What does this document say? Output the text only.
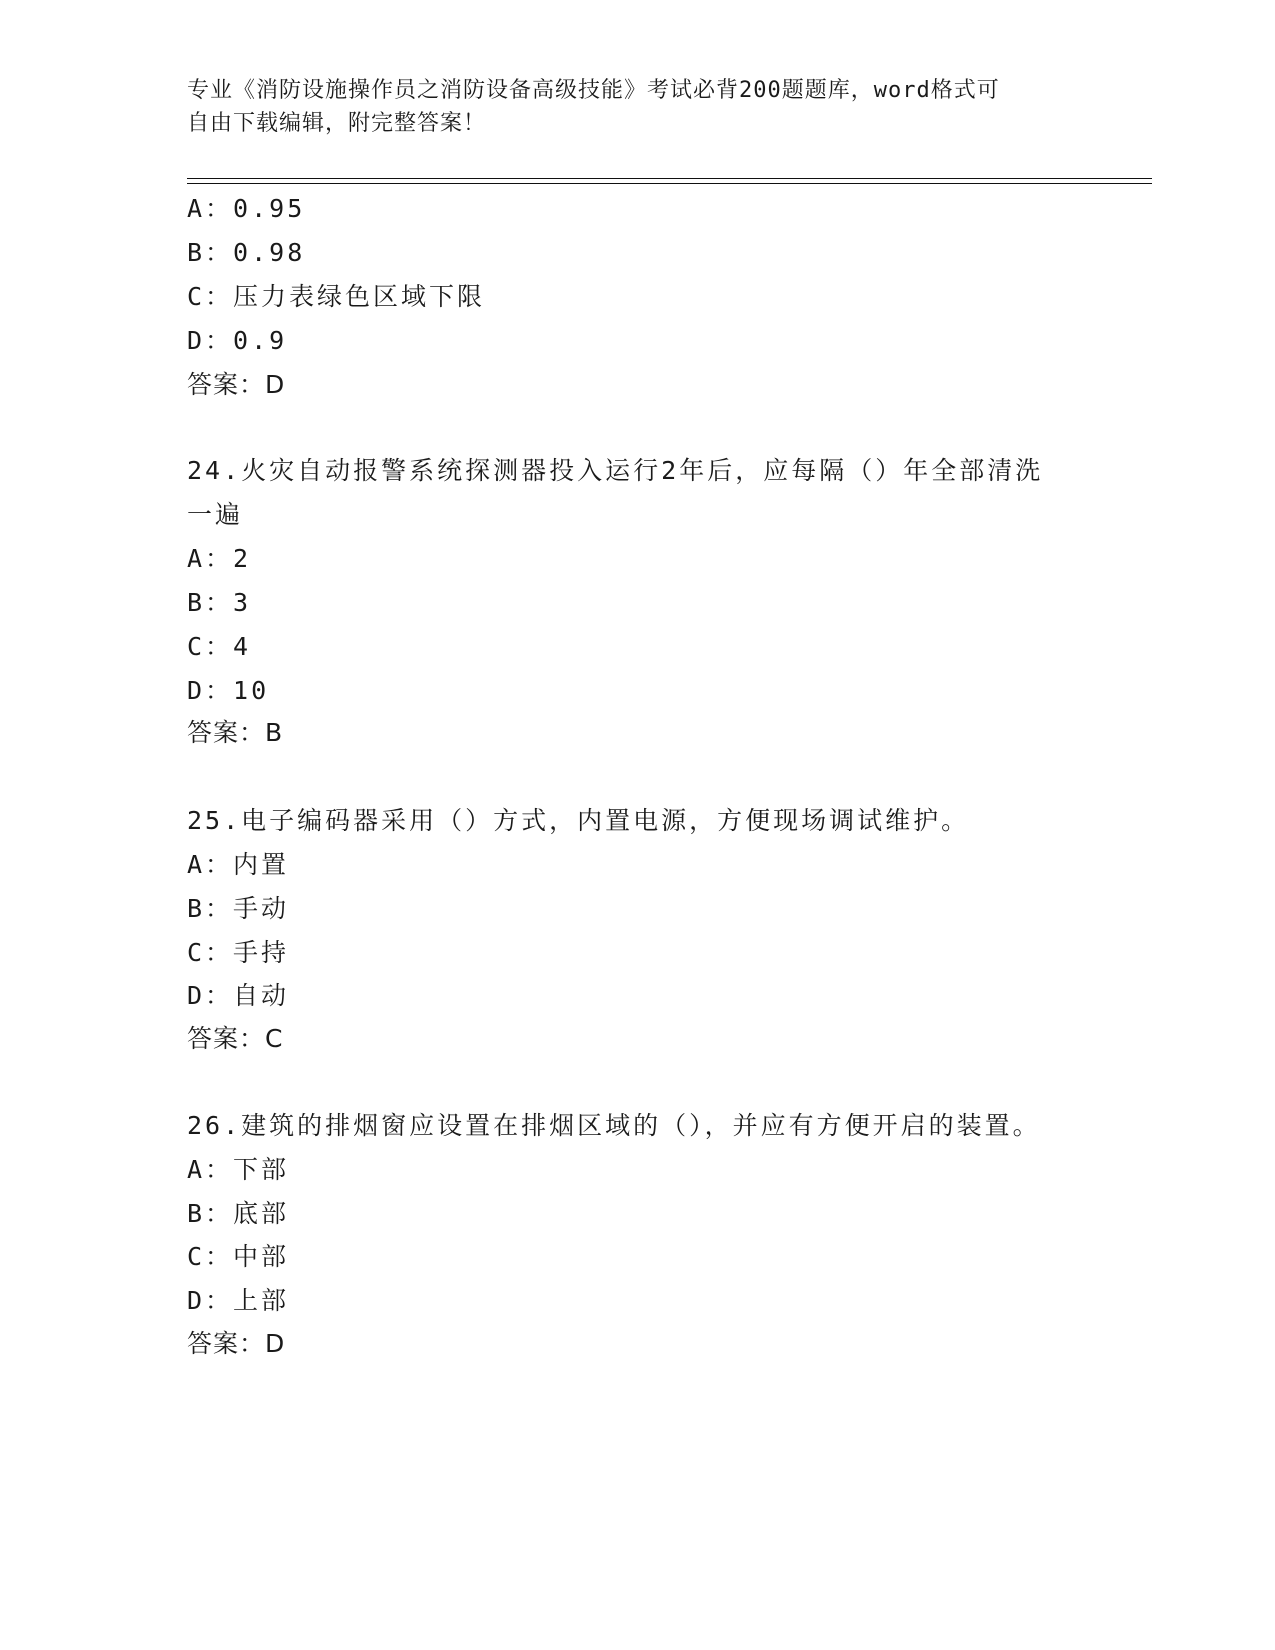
专业《消防设施操作员之消防设备高级技能》考试必背200题题库，word格式可
自由下载编辑，附完整答案！
A：0.95
B：0.98
C：压力表绿色区域下限
D：0.9
答案：D
24.火灾自动报警系统探测器投入运行2年后，应每隔（）年全部清洗
一遍
A：2
B：3
C：4
D：10
答案：B
25.电子编码器采用（）方式，内置电源，方便现场调试维护。
A：内置
B：手动
C：手持
D：自动
答案：C
26.建筑的排烟窗应设置在排烟区域的（），并应有方便开启的装置。
A：下部
B：底部
C：中部
D：上部
答案：D
